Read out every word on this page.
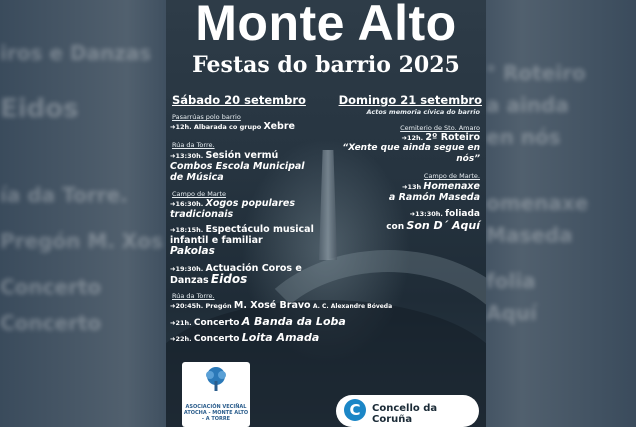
iros e Danzas
Eidos
ía da Torre.
Pregón M. Xos
Concerto
Concerto
° Roteiro
a ainda
en nós
omenaxe
Maseda
folia
Aquí
Monte Alto
Festas do barrio 2025
Sábado 20 setembro
Pasarrúas polo barrio
➜12h. Albarada co grupo Xebre
Rúa da Torre.
➜13:30h. Sesión vermú
Combos Escola Municipal de Música
Campo de Marte
➜16:30h. Xogos populares tradicionais
➜18:15h. Espectáculo musical infantil e familiar
Pakolas
➜19:30h. Actuación Coros e Danzas Eidos
Rúa da Torre.
➜20:45h. Pregón M. Xosé Bravo A. C. Alexandre Bóveda
➜21h. Concerto A Banda da Loba
➜22h. Concerto Loita Amada
Domingo 21 setembro
Actos memoria cívica do barrio
Cemiterio de Sto. Amaro
➜12h. 2º Roteiro
“Xente que ainda segue en nós”
Campo de Marte.
➜13h Homenaxe
a Ramón Maseda
➜13:30h. foliada
con Son D´ Aquí
ASOCIACIÓN VECIÑAL ATOCHA - MONTE ALTO - A TORRE	C	Concello da Coruña
